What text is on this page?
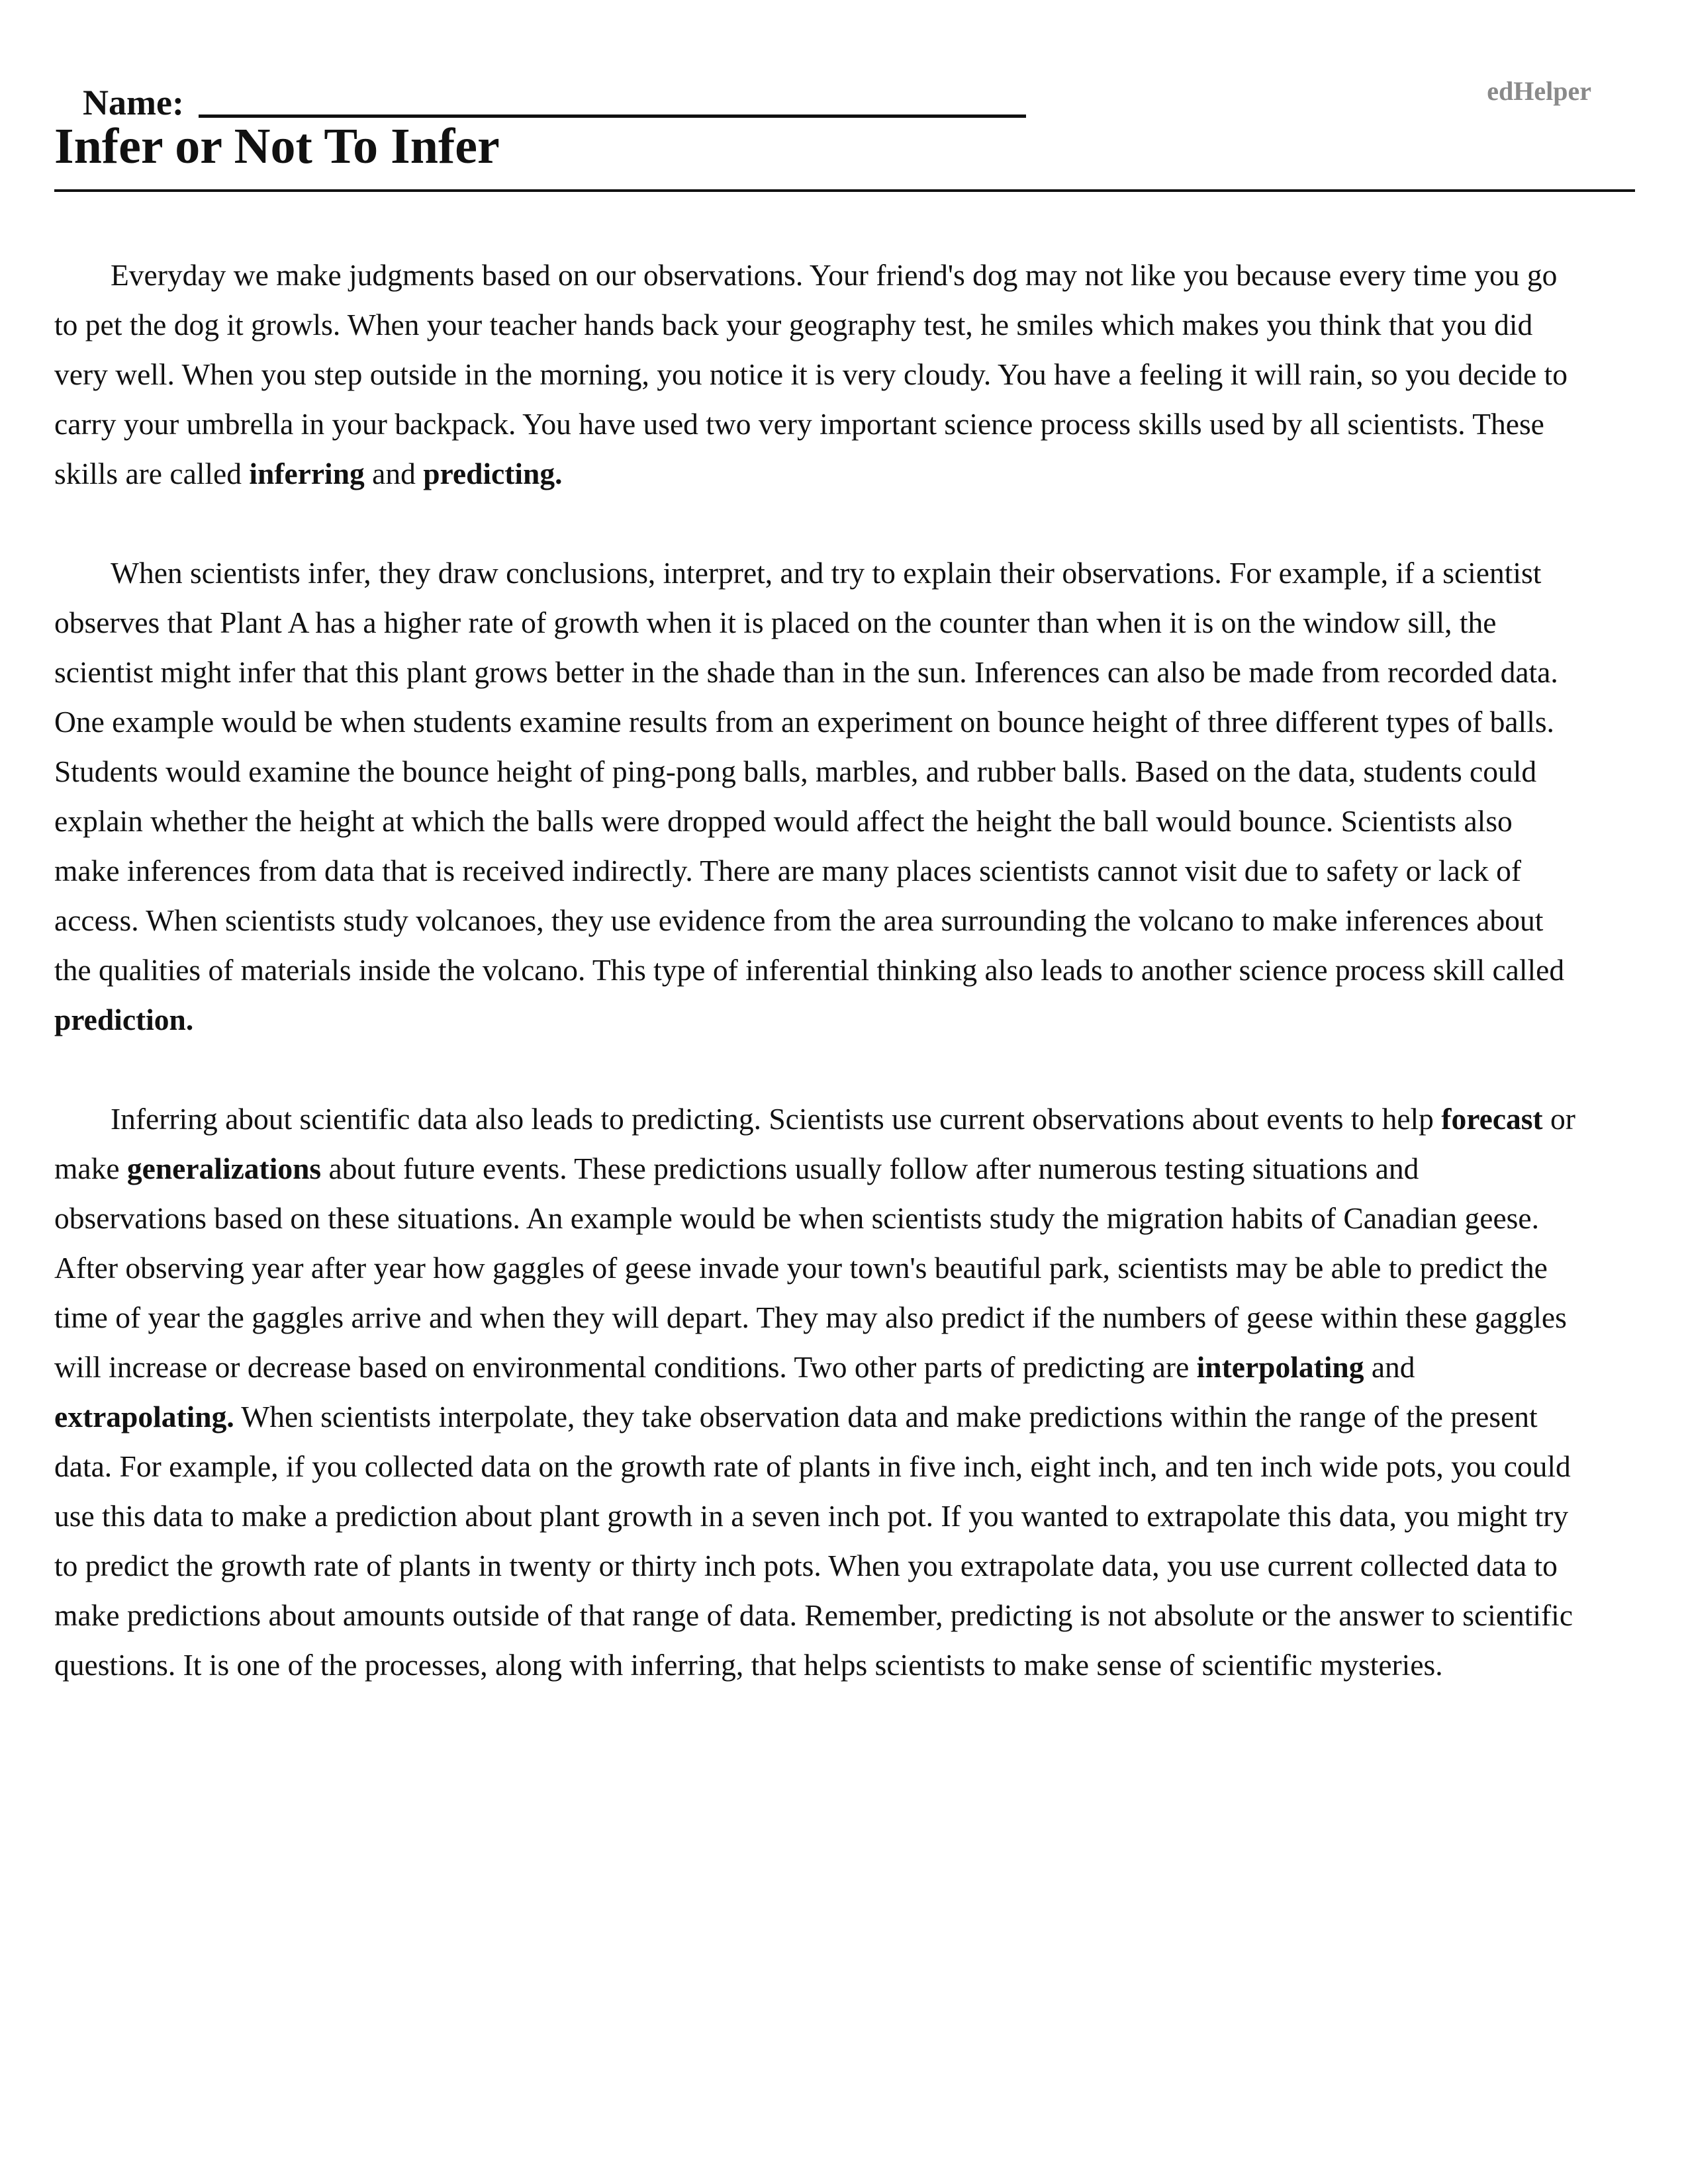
Name:	edHelper
Infer or Not To Infer

Everyday we make judgments based on our observations. Your friend's dog may not like you because every time you go to pet the dog it growls. When your teacher hands back your geography test, he smiles which makes you think that you did very well. When you step outside in the morning, you notice it is very cloudy. You have a feeling it will rain, so you decide to carry your umbrella in your backpack. You have used two very important science process skills used by all scientists. These skills are called inferring and predicting.

When scientists infer, they draw conclusions, interpret, and try to explain their observations. For example, if a scientist observes that Plant A has a higher rate of growth when it is placed on the counter than when it is on the window sill, the scientist might infer that this plant grows better in the shade than in the sun. Inferences can also be made from recorded data. One example would be when students examine results from an experiment on bounce height of three different types of balls. Students would examine the bounce height of ping-pong balls, marbles, and rubber balls. Based on the data, students could explain whether the height at which the balls were dropped would affect the height the ball would bounce. Scientists also make inferences from data that is received indirectly. There are many places scientists cannot visit due to safety or lack of access. When scientists study volcanoes, they use evidence from the area surrounding the volcano to make inferences about the qualities of materials inside the volcano. This type of inferential thinking also leads to another science process skill called prediction.

Inferring about scientific data also leads to predicting. Scientists use current observations about events to help forecast or make generalizations about future events. These predictions usually follow after numerous testing situations and observations based on these situations. An example would be when scientists study the migration habits of Canadian geese. After observing year after year how gaggles of geese invade your town's beautiful park, scientists may be able to predict the time of year the gaggles arrive and when they will depart. They may also predict if the numbers of geese within these gaggles will increase or decrease based on environmental conditions. Two other parts of predicting are interpolating and extrapolating. When scientists interpolate, they take observation data and make predictions within the range of the present data. For example, if you collected data on the growth rate of plants in five inch, eight inch, and ten inch wide pots, you could use this data to make a prediction about plant growth in a seven inch pot. If you wanted to extrapolate this data, you might try to predict the growth rate of plants in twenty or thirty inch pots. When you extrapolate data, you use current collected data to make predictions about amounts outside of that range of data. Remember, predicting is not absolute or the answer to scientific questions. It is one of the processes, along with inferring, that helps scientists to make sense of scientific mysteries.
